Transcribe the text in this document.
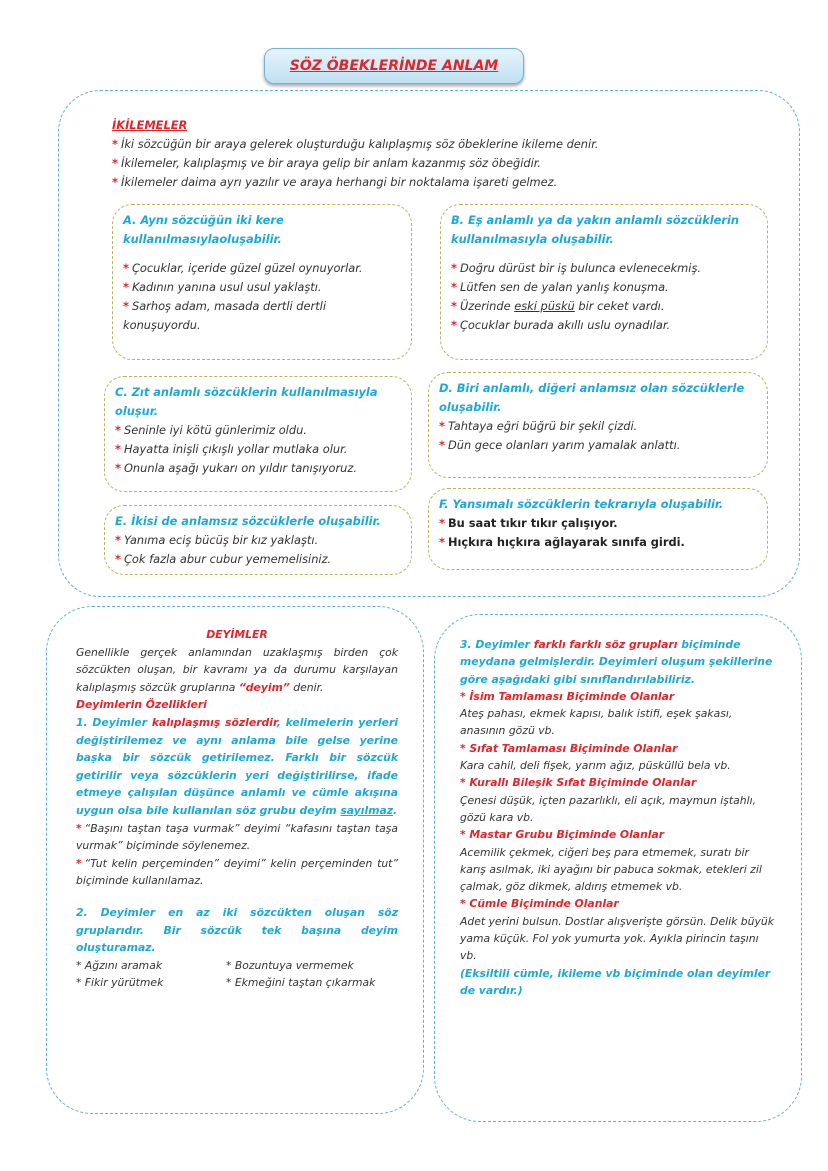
SÖZ ÖBEKLERİNDE ANLAM

İKİLEMELER

* İki sözcüğün bir araya gelerek oluşturduğu kalıplaşmış söz öbeklerine ikileme denir.

* İkilemeler, kalıplaşmış ve bir araya gelip bir anlam kazanmış söz öbeğidir.

* İkilemeler daima ayrı yazılır ve araya herhangi bir noktalama işareti gelmez.

A. Aynı sözcüğün iki kere kullanılmasıylaoluşabilir.

* Çocuklar, içeride güzel güzel oynuyorlar.

* Kadının yanına usul usul yaklaştı.

* Sarhoş adam, masada dertli dertli konuşuyordu.

B. Eş anlamlı ya da yakın anlamlı sözcüklerin kullanılmasıyla oluşabilir.

* Doğru dürüst bir iş bulunca evlenecekmiş.

* Lütfen sen de yalan yanlış konuşma.

* Üzerinde eski püskü bir ceket vardı.

* Çocuklar burada akıllı uslu oynadılar.

C. Zıt anlamlı sözcüklerin kullanılmasıyla oluşur.

* Seninle iyi kötü günlerimiz oldu.

* Hayatta inişli çıkışlı yollar mutlaka olur.

* Onunla aşağı yukarı on yıldır tanışıyoruz.

D. Biri anlamlı, diğeri anlamsız olan sözcüklerle oluşabilir.

* Tahtaya eğri büğrü bir şekil çizdi.

* Dün gece olanları yarım yamalak anlattı.

E. İkisi de anlamsız sözcüklerle oluşabilir.

* Yanıma eciş bücüş bir kız yaklaştı.

* Çok fazla abur cubur yememelisiniz.

F. Yansımalı sözcüklerin tekrarıyla oluşabilir.

* Bu saat tıkır tıkır çalışıyor.

* Hıçkıra hıçkıra ağlayarak sınıfa girdi.

DEYİMLER

Genellikle gerçek anlamından uzaklaşmış birden çok sözcükten oluşan, bir kavramı ya da durumu karşılayan kalıplaşmış sözcük gruplarına “deyim” denir.

Deyimlerin Özellikleri

1. Deyimler kalıplaşmış sözlerdir, kelimelerin yerleri değiştirilemez ve aynı anlama bile gelse yerine başka bir sözcük getirilemez. Farklı bir sözcük getirilir veya sözcüklerin yeri değiştirilirse, ifade etmeye çalışılan düşünce anlamlı ve cümle akışına uygun olsa bile kullanılan söz grubu deyim sayılmaz.

* “Başını taştan taşa vurmak” deyimi “kafasını taştan taşa vurmak” biçiminde söylenemez.

* “Tut kelin perçeminden” deyimi” kelin perçeminden tut” biçiminde kullanılamaz.

2. Deyimler en az iki sözcükten oluşan söz gruplarıdır. Bir sözcük tek başına deyim oluşturamaz.

* Ağzını aramak	* Bozuntuya vermemek
* Fikir yürütmek	* Ekmeğini taştan çıkarmak

3. Deyimler farklı farklı söz grupları biçiminde meydana gelmişlerdir. Deyimleri oluşum şekillerine göre aşağıdaki gibi sınıflandırılabiliriz.

* İsim Tamlaması Biçiminde Olanlar

Ateş pahası, ekmek kapısı, balık istifi, eşek şakası, anasının gözü vb.

* Sıfat Tamlaması Biçiminde Olanlar

Kara cahil, deli fişek, yarım ağız, püsküllü bela vb.

* Kurallı Bileşik Sıfat Biçiminde Olanlar

Çenesi düşük, içten pazarlıklı, eli açık, maymun iştahlı, gözü kara vb.

* Mastar Grubu Biçiminde Olanlar

Acemilik çekmek, ciğeri beş para etmemek, suratı bir karış asılmak, iki ayağını bir pabuca sokmak, etekleri zil çalmak, göz dikmek, aldırış etmemek vb.

* Cümle Biçiminde Olanlar

Adet yerini bulsun. Dostlar alışverişte görsün. Delik büyük yama küçük. Fol yok yumurta yok. Ayıkla pirincin taşını vb.

(Eksiltili cümle, ikileme vb biçiminde olan deyimler de vardır.)
